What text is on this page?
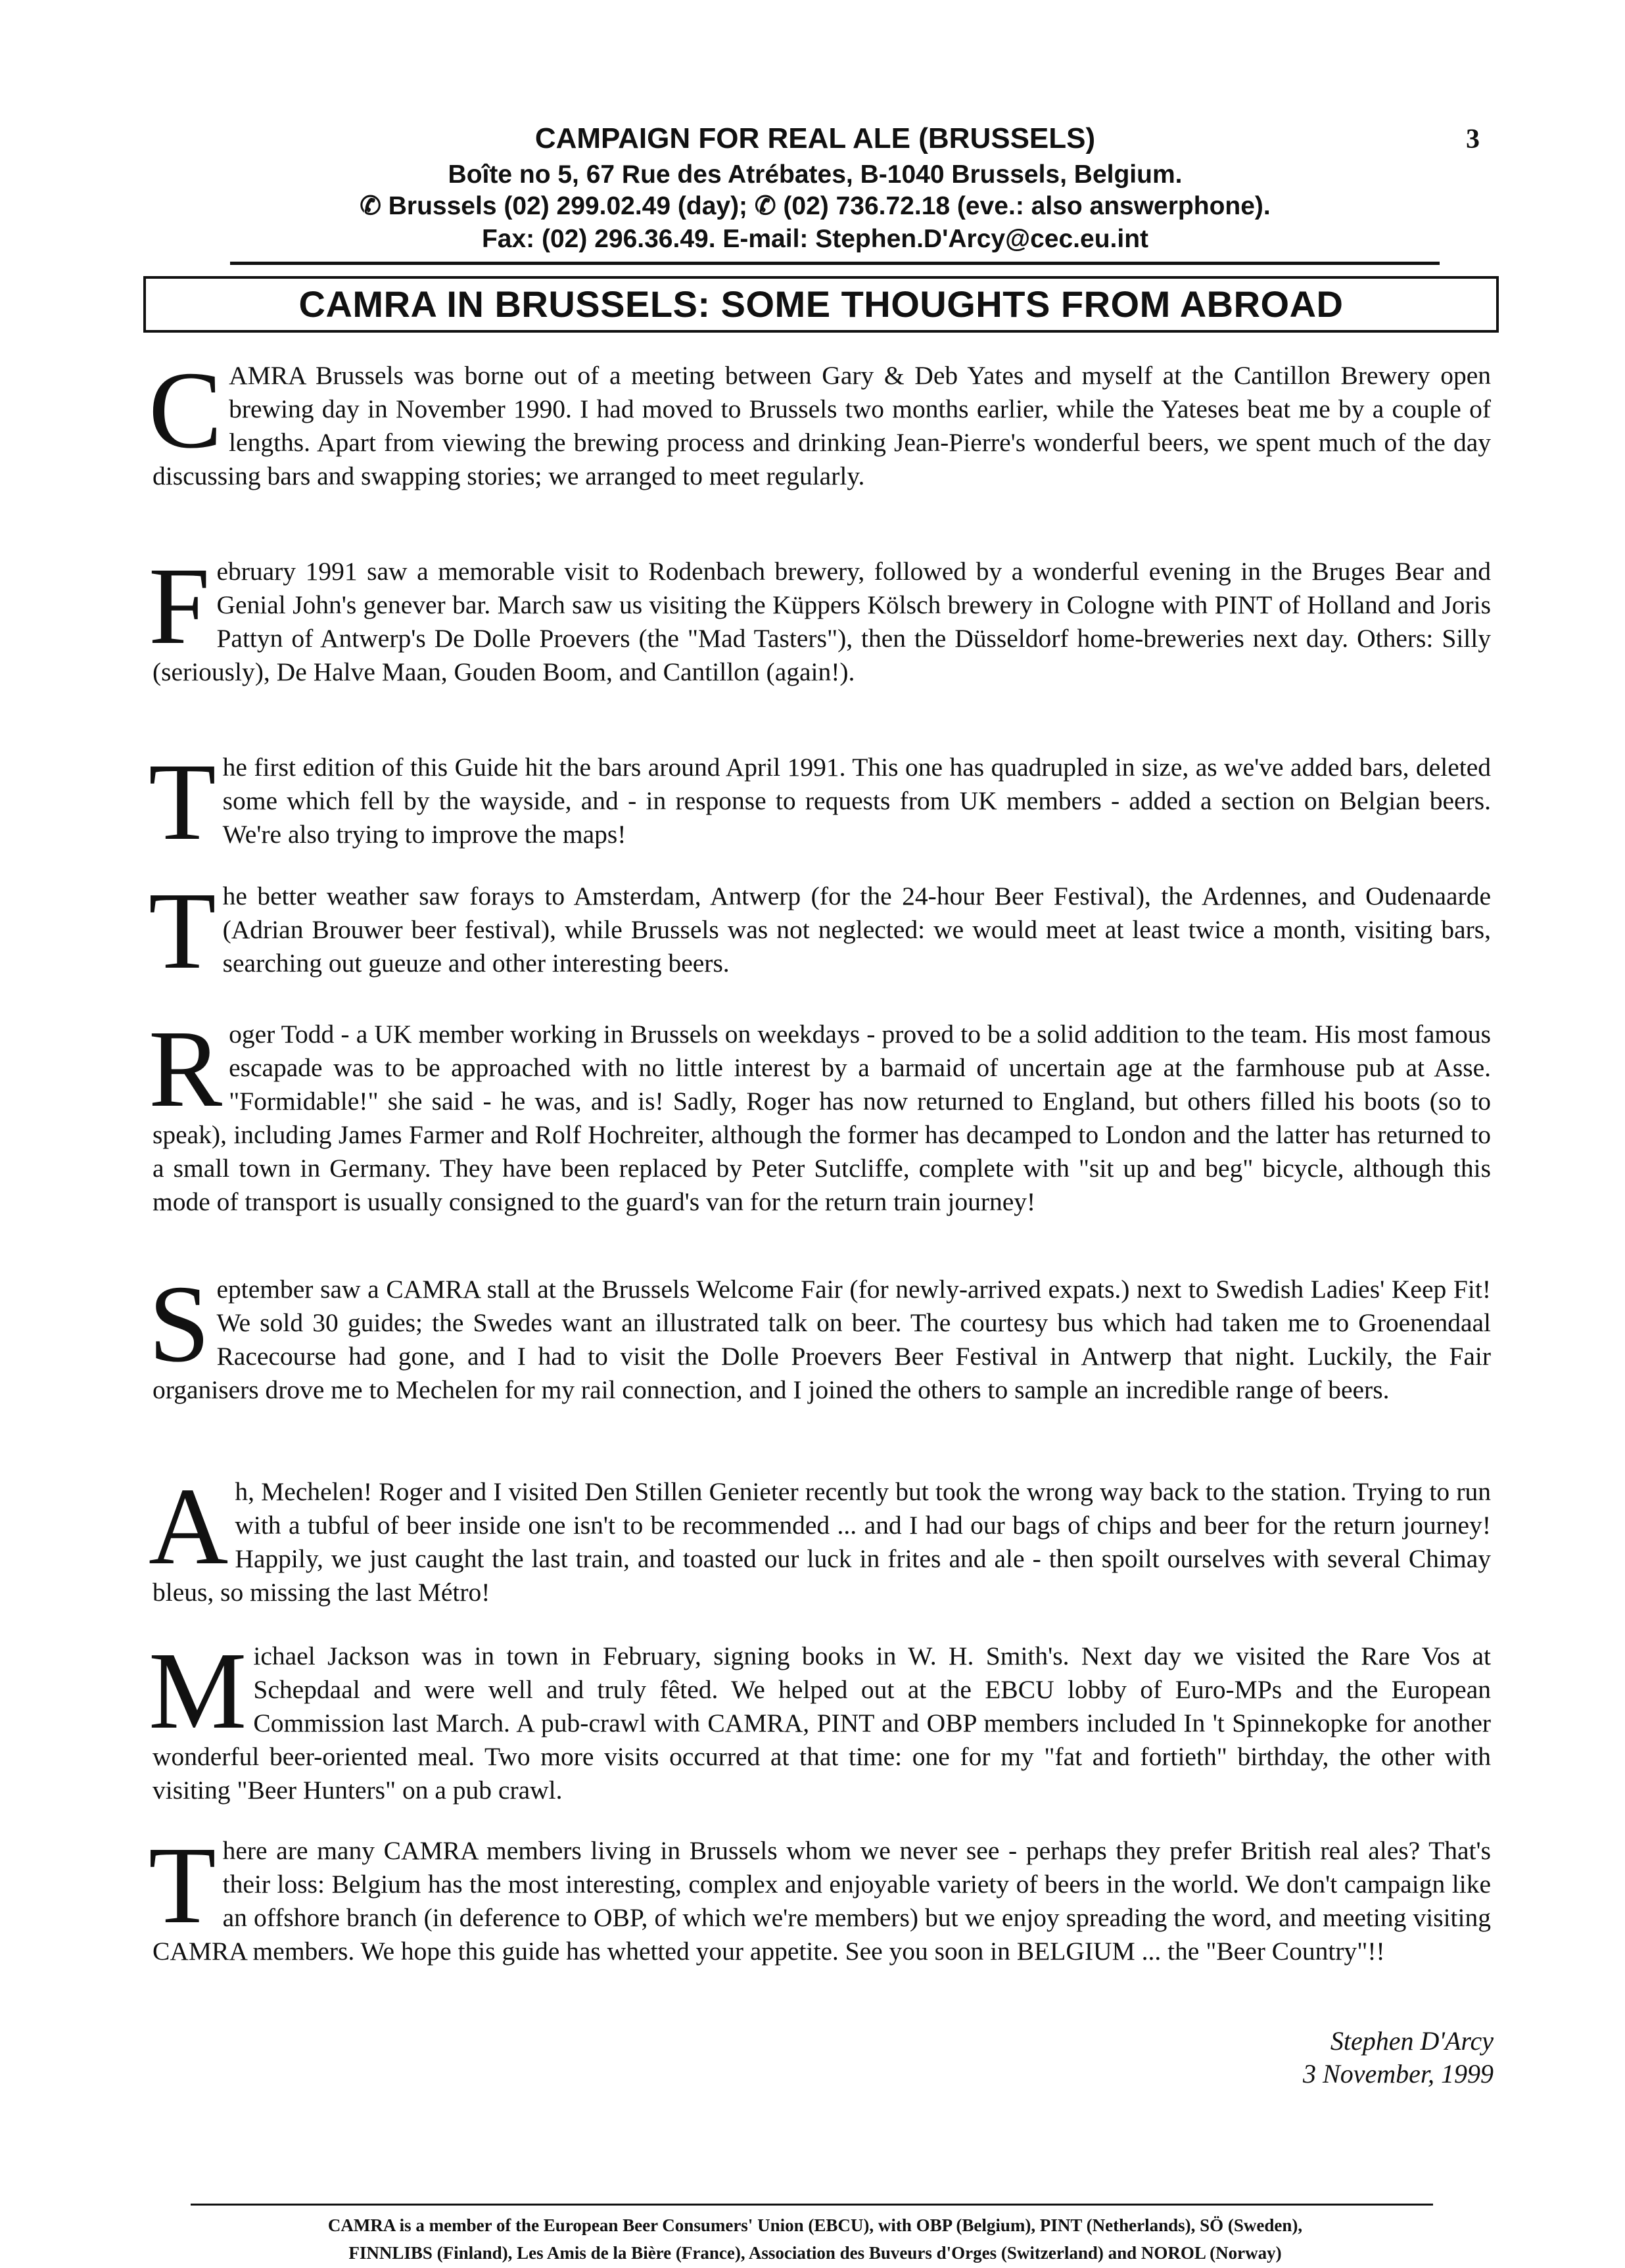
CAMPAIGN FOR REAL ALE (BRUSSELS)
Boîte no 5, 67 Rue des Atrébates, B-1040 Brussels, Belgium.
✆ Brussels (02) 299.02.49 (day); ✆ (02) 736.72.18 (eve.: also answerphone).
Fax: (02) 296.36.49. E-mail: Stephen.D'Arcy@cec.eu.int
3
CAMRA IN BRUSSELS: SOME THOUGHTS FROM ABROAD
CAMRA Brussels was borne out of a meeting between Gary & Deb Yates and myself at the Cantillon Brewery open brewing day in November 1990. I had moved to Brussels two months earlier, while the Yateses beat me by a couple of lengths. Apart from viewing the brewing process and drinking Jean-Pierre's wonderful beers, we spent much of the day discussing bars and swapping stories; we arranged to meet regularly.
February 1991 saw a memorable visit to Rodenbach brewery, followed by a wonderful evening in the Bruges Bear and Genial John's genever bar. March saw us visiting the Küppers Kölsch brewery in Cologne with PINT of Holland and Joris Pattyn of Antwerp's De Dolle Proevers (the "Mad Tasters"), then the Düsseldorf home-breweries next day. Others: Silly (seriously), De Halve Maan, Gouden Boom, and Cantillon (again!).
The first edition of this Guide hit the bars around April 1991. This one has quadrupled in size, as we've added bars, deleted some which fell by the wayside, and - in response to requests from UK members - added a section on Belgian beers. We're also trying to improve the maps!
The better weather saw forays to Amsterdam, Antwerp (for the 24-hour Beer Festival), the Ardennes, and Oudenaarde (Adrian Brouwer beer festival), while Brussels was not neglected: we would meet at least twice a month, visiting bars, searching out gueuze and other interesting beers.
Roger Todd - a UK member working in Brussels on weekdays - proved to be a solid addition to the team. His most famous escapade was to be approached with no little interest by a barmaid of uncertain age at the farmhouse pub at Asse. "Formidable!" she said - he was, and is! Sadly, Roger has now returned to England, but others filled his boots (so to speak), including James Farmer and Rolf Hochreiter, although the former has decamped to London and the latter has returned to a small town in Germany. They have been replaced by Peter Sutcliffe, complete with "sit up and beg" bicycle, although this mode of transport is usually consigned to the guard's van for the return train journey!
September saw a CAMRA stall at the Brussels Welcome Fair (for newly-arrived expats.) next to Swedish Ladies' Keep Fit! We sold 30 guides; the Swedes want an illustrated talk on beer. The courtesy bus which had taken me to Groenendaal Racecourse had gone, and I had to visit the Dolle Proevers Beer Festival in Antwerp that night. Luckily, the Fair organisers drove me to Mechelen for my rail connection, and I joined the others to sample an incredible range of beers.
Ah, Mechelen! Roger and I visited Den Stillen Genieter recently but took the wrong way back to the station. Trying to run with a tubful of beer inside one isn't to be recommended ... and I had our bags of chips and beer for the return journey! Happily, we just caught the last train, and toasted our luck in frites and ale - then spoilt ourselves with several Chimay bleus, so missing the last Métro!
Michael Jackson was in town in February, signing books in W. H. Smith's. Next day we visited the Rare Vos at Schepdaal and were well and truly fêted. We helped out at the EBCU lobby of Euro-MPs and the European Commission last March. A pub-crawl with CAMRA, PINT and OBP members included In 't Spinnekopke for another wonderful beer-oriented meal. Two more visits occurred at that time: one for my "fat and fortieth" birthday, the other with visiting "Beer Hunters" on a pub crawl.
There are many CAMRA members living in Brussels whom we never see - perhaps they prefer British real ales? That's their loss: Belgium has the most interesting, complex and enjoyable variety of beers in the world. We don't campaign like an offshore branch (in deference to OBP, of which we're members) but we enjoy spreading the word, and meeting visiting CAMRA members. We hope this guide has whetted your appetite. See you soon in BELGIUM ... the "Beer Country"!!
Stephen D'Arcy
3 November, 1999
CAMRA is a member of the European Beer Consumers' Union (EBCU), with OBP (Belgium), PINT (Netherlands), SÖ (Sweden),
FINNLIBS (Finland), Les Amis de la Bière (France), Association des Buveurs d'Orges (Switzerland) and NOROL (Norway)
